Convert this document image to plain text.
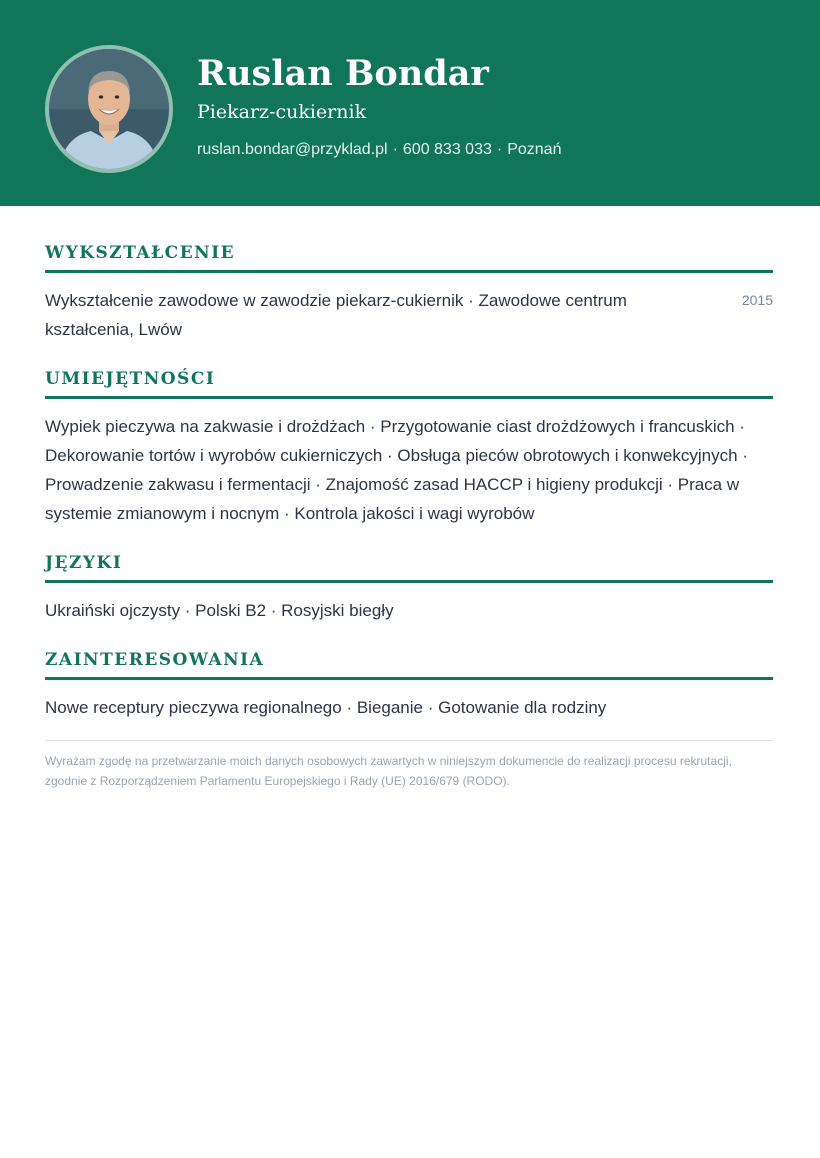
Ruslan Bondar
Piekarz-cukiernik
ruslan.bondar@przyklad.pl · 600 833 033 · Poznań
WYKSZTAŁCENIE
Wykształcenie zawodowe w zawodzie piekarz-cukiernik · Zawodowe centrum kształcenia, Lwów
2015
UMIEJĘTNOŚCI
Wypiek pieczywa na zakwasie i drożdżach · Przygotowanie ciast drożdżowych i francuskich · Dekorowanie tortów i wyrobów cukierniczych · Obsługa pieców obrotowych i konwekcyjnych · Prowadzenie zakwasu i fermentacji · Znajomość zasad HACCP i higieny produkcji · Praca w systemie zmianowym i nocnym · Kontrola jakości i wagi wyrobów
JĘZYKI
Ukraiński ojczysty · Polski B2 · Rosyjski biegły
ZAINTERESOWANIA
Nowe receptury pieczywa regionalnego · Bieganie · Gotowanie dla rodziny
Wyrażam zgodę na przetwarzanie moich danych osobowych zawartych w niniejszym dokumencie do realizacji procesu rekrutacji, zgodnie z Rozporządzeniem Parlamentu Europejskiego i Rady (UE) 2016/679 (RODO).
